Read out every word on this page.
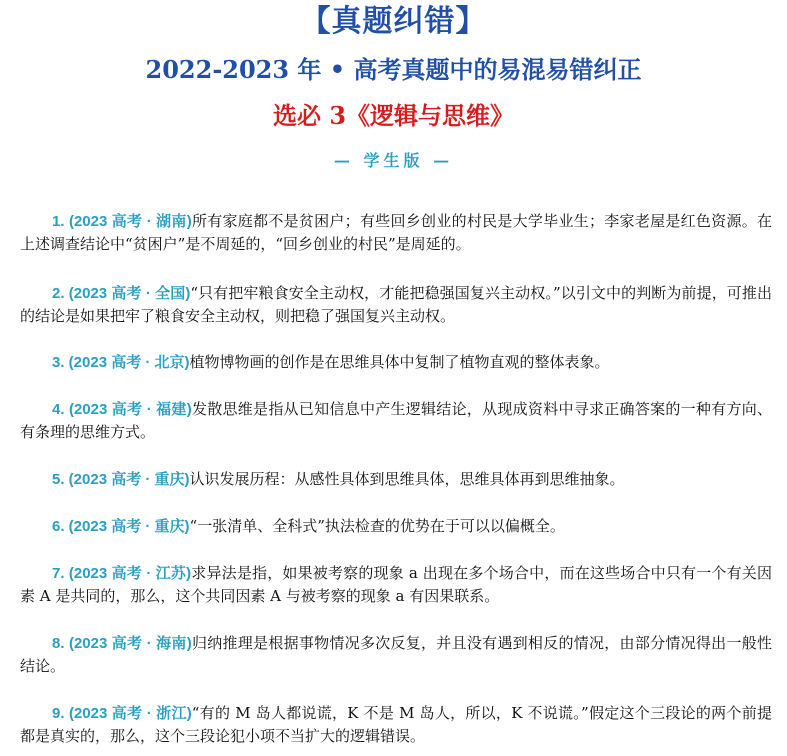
【真题纠错】
2022-2023 年 • 高考真题中的易混易错纠正
选必 3《逻辑与思维》
— 学生版 —
1. (2023 高考 · 湖南)所有家庭都不是贫困户；有些回乡创业的村民是大学毕业生；李家老屋是红色资源。在上述调查结论中“贫困户”是不周延的，“回乡创业的村民”是周延的。
2. (2023 高考 · 全国)“只有把牢粮食安全主动权，才能把稳强国复兴主动权。”以引文中的判断为前提，可推出的结论是如果把牢了粮食安全主动权，则把稳了强国复兴主动权。
3. (2023 高考 · 北京)植物博物画的创作是在思维具体中复制了植物直观的整体表象。
4. (2023 高考 · 福建)发散思维是指从已知信息中产生逻辑结论，从现成资料中寻求正确答案的一种有方向、有条理的思维方式。
5. (2023 高考 · 重庆)认识发展历程：从感性具体到思维具体，思维具体再到思维抽象。
6. (2023 高考 · 重庆)“一张清单、全科式”执法检查的优势在于可以以偏概全。
7. (2023 高考 · 江苏)求异法是指，如果被考察的现象 a 出现在多个场合中，而在这些场合中只有一个有关因素 A 是共同的，那么，这个共同因素 A 与被考察的现象 a 有因果联系。
8. (2023 高考 · 海南)归纳推理是根据事物情况多次反复，并且没有遇到相反的情况，由部分情况得出一般性结论。
9. (2023 高考 · 浙江)“有的 M 岛人都说谎，K 不是 M 岛人，所以，K 不说谎。”假定这个三段论的两个前提都是真实的，那么，这个三段论犯小项不当扩大的逻辑错误。
